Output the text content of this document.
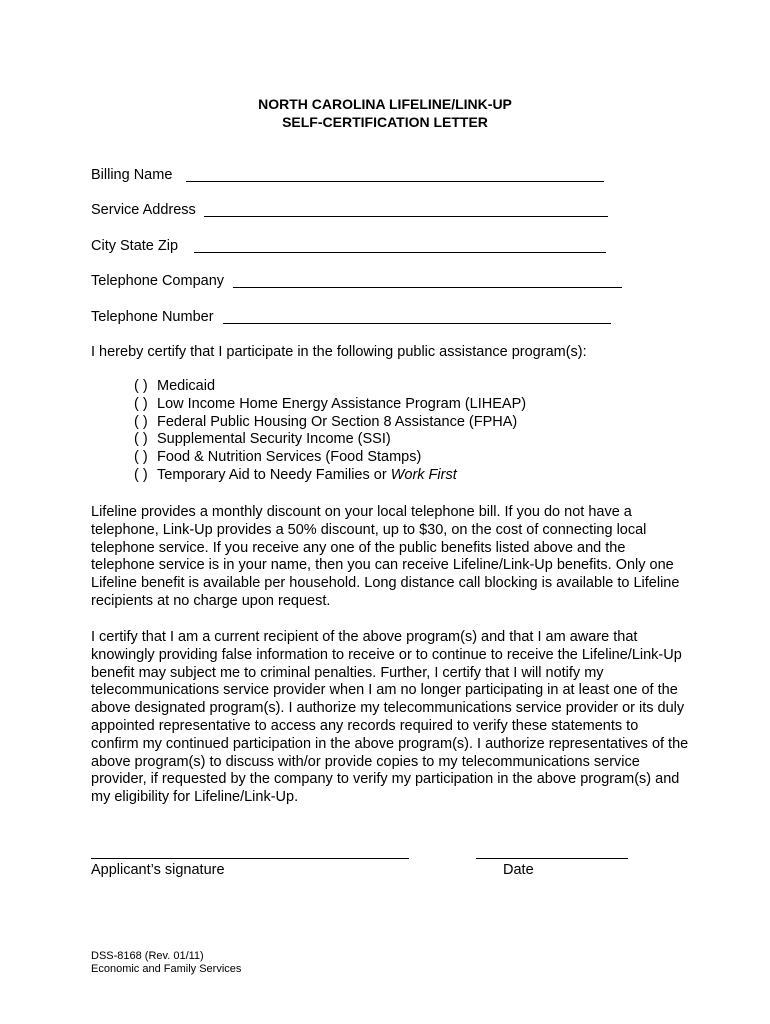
NORTH CAROLINA LIFELINE/LINK-UP
SELF-CERTIFICATION LETTER
Billing Name
Service Address
City State Zip
Telephone Company
Telephone Number
I hereby certify that I participate in the following public assistance program(s):
( ) Medicaid
( ) Low Income Home Energy Assistance Program (LIHEAP)
( ) Federal Public Housing Or Section 8 Assistance (FPHA)
( ) Supplemental Security Income (SSI)
( ) Food & Nutrition Services (Food Stamps)
( ) Temporary Aid to Needy Families or Work First
Lifeline provides a monthly discount on your local telephone bill. If you do not have a telephone, Link-Up provides a 50% discount, up to $30, on the cost of connecting local telephone service. If you receive any one of the public benefits listed above and the telephone service is in your name, then you can receive Lifeline/Link-Up benefits. Only one Lifeline benefit is available per household. Long distance call blocking is available to Lifeline recipients at no charge upon request.
I certify that I am a current recipient of the above program(s) and that I am aware that knowingly providing false information to receive or to continue to receive the Lifeline/Link-Up benefit may subject me to criminal penalties. Further, I certify that I will notify my telecommunications service provider when I am no longer participating in at least one of the above designated program(s). I authorize my telecommunications service provider or its duly appointed representative to access any records required to verify these statements to confirm my continued participation in the above program(s). I authorize representatives of the above program(s) to discuss with/or provide copies to my telecommunications service provider, if requested by the company to verify my participation in the above program(s) and my eligibility for Lifeline/Link-Up.
Applicant’s signature	Date
DSS-8168 (Rev. 01/11)
Economic and Family Services
